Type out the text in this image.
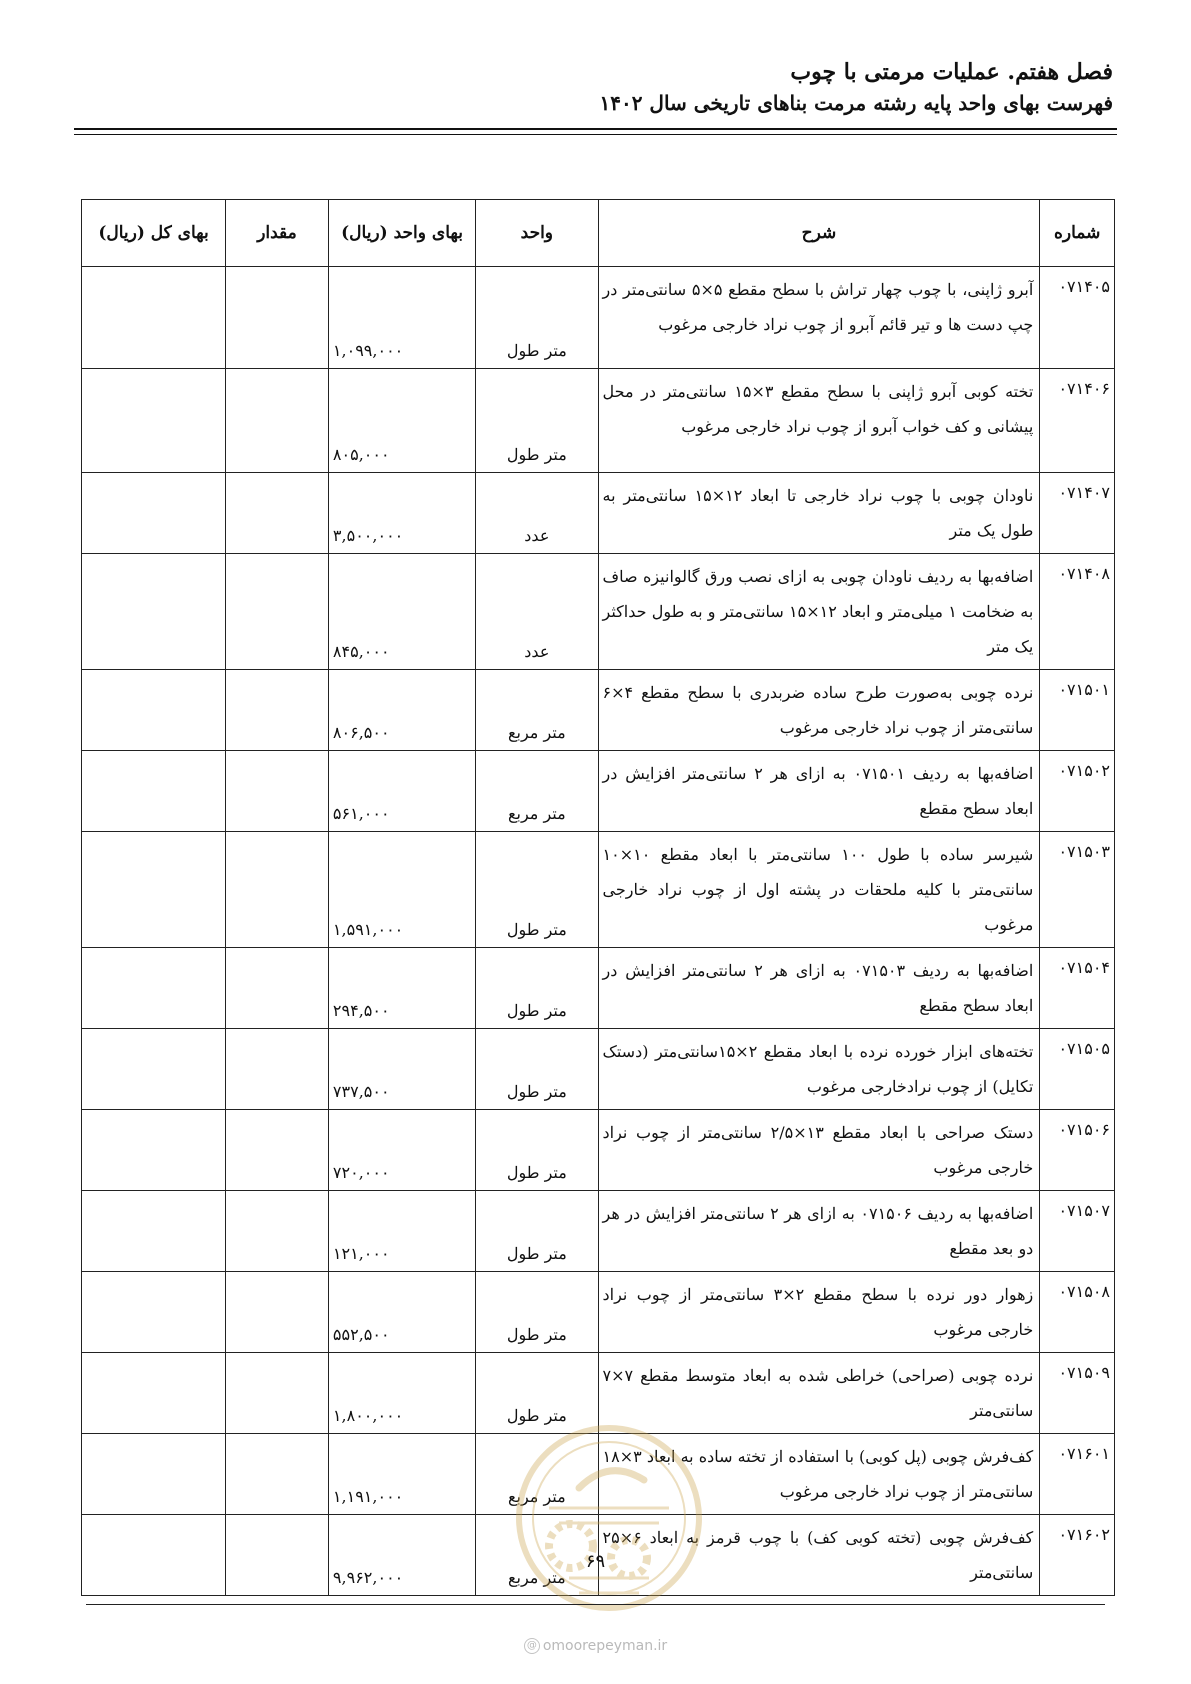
فصل هفتم. عملیات مرمتی با چوب
فهرست بهای واحد پایه رشته مرمت بناهای تاریخی سال ۱۴۰۲
شماره	شرح	واحد	بهای واحد (ریال)	مقدار	بهای کل (ریال)
۰۷۱۴۰۵	آبرو ژاپنی، با چوب چهار تراش با سطح مقطع ۵×۵ سانتی‌متر در چپ دست ها و تیر قائم آبرو از چوب نراد خارجی مرغوب	متر طول	۱,۰۹۹,۰۰۰		
۰۷۱۴۰۶	تخته کوبی آبرو ژاپنی با سطح مقطع ۳×۱۵ سانتی‌متر در محل پیشانی و کف خواب آبرو از چوب نراد خارجی مرغوب	متر طول	۸۰۵,۰۰۰		
۰۷۱۴۰۷	ناودان چوبی با چوب نراد خارجی تا ابعاد ۱۲×۱۵ سانتی‌متر به طول یک متر	عدد	۳,۵۰۰,۰۰۰		
۰۷۱۴۰۸	اضافه‌بها به ردیف ناودان چوبی به ازای نصب ورق گالوانیزه صاف به ضخامت ۱ میلی‌متر و ابعاد ۱۲×۱۵ سانتی‌متر و به طول حداکثر یک متر	عدد	۸۴۵,۰۰۰		
۰۷۱۵۰۱	نرده چوبی به‌صورت طرح ساده ضربدری با سطح مقطع ۴×۶ سانتی‌متر از چوب نراد خارجی مرغوب	متر مربع	۸۰۶,۵۰۰		
۰۷۱۵۰۲	اضافه‌بها به ردیف ۰۷۱۵۰۱ به ازای هر ۲ سانتی‌متر افزایش در ابعاد سطح مقطع	متر مربع	۵۶۱,۰۰۰		
۰۷۱۵۰۳	شیرسر ساده با طول ۱۰۰ سانتی‌متر با ابعاد مقطع ۱۰×۱۰ سانتی‌متر با کلیه ملحقات در پشته اول از چوب نراد خارجی مرغوب	متر طول	۱,۵۹۱,۰۰۰		
۰۷۱۵۰۴	اضافه‌بها به ردیف ۰۷۱۵۰۳ به ازای هر ۲ سانتی‌متر افزایش در ابعاد سطح مقطع	متر طول	۲۹۴,۵۰۰		
۰۷۱۵۰۵	تخته‌های ابزار خورده نرده با ابعاد مقطع ۲×۱۵سانتی‌متر (دستک تکایل) از چوب نرادخارجی مرغوب	متر طول	۷۳۷,۵۰۰		
۰۷۱۵۰۶	دستک صراحی با ابعاد مقطع ۱۳×۲/۵ سانتی‌متر از چوب نراد خارجی مرغوب	متر طول	۷۲۰,۰۰۰		
۰۷۱۵۰۷	اضافه‌بها به ردیف ۰۷۱۵۰۶ به ازای هر ۲ سانتی‌متر افزایش در هر دو بعد مقطع	متر طول	۱۲۱,۰۰۰		
۰۷۱۵۰۸	زهوار دور نرده با سطح مقطع ۲×۳ سانتی‌متر از چوب نراد خارجی مرغوب	متر طول	۵۵۲,۵۰۰		
۰۷۱۵۰۹	نرده چوبی (صراحی) خراطی شده به ابعاد متوسط مقطع ۷×۷ سانتی‌متر	متر طول	۱,۸۰۰,۰۰۰		
۰۷۱۶۰۱	کف‌فرش چوبی (پل کوبی) با استفاده از تخته ساده به ابعاد ۳×۱۸ سانتی‌متر از چوب نراد خارجی مرغوب	متر مربع	۱,۱۹۱,۰۰۰		
۰۷۱۶۰۲	کف‌فرش چوبی (تخته کوبی کف) با چوب قرمز به ابعاد ۶×۲۵ سانتی‌متر	متر مربع	۹,۹۶۲,۰۰۰		
۶۹
@ omoorepeyman.ir
